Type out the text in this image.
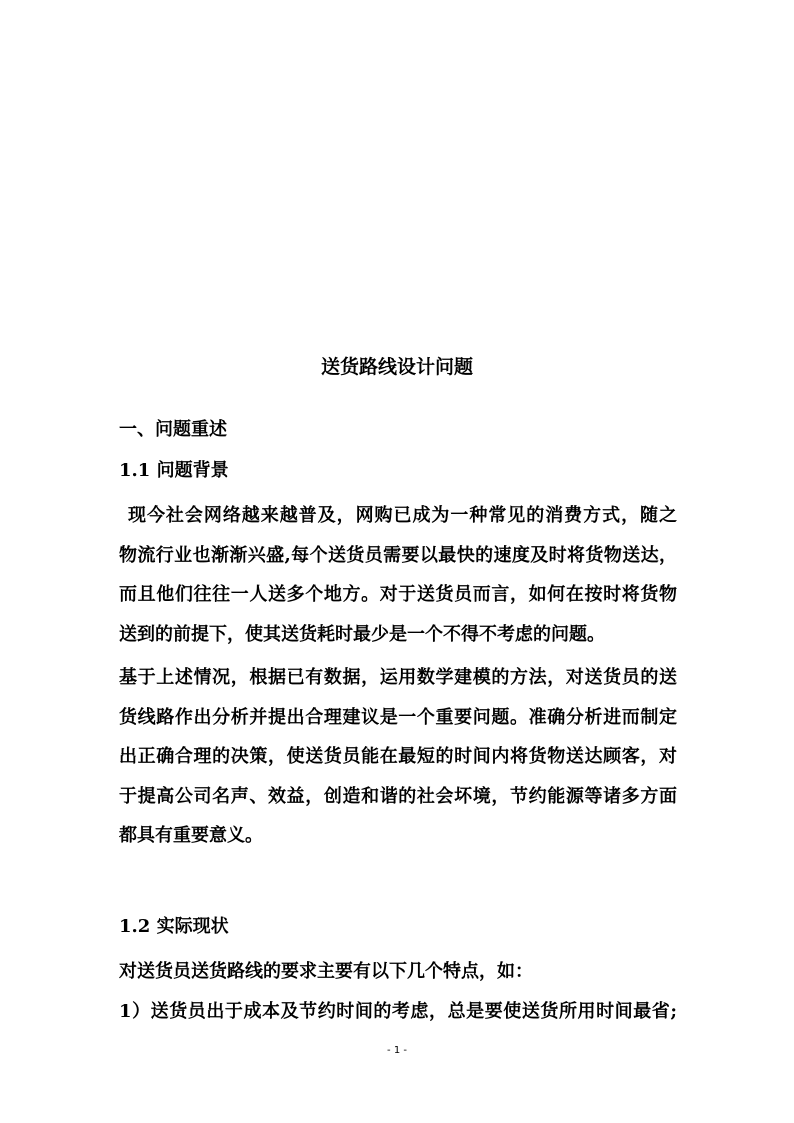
送货路线设计问题
一、问题重述
1.1 问题背景

现今社会网络越来越普及，网购已成为一种常见的消费方式，随之
物流行业也渐渐兴盛,每个送货员需要以最快的速度及时将货物送达，
而且他们往往一人送多个地方。对于送货员而言，如何在按时将货物
送到的前提下，使其送货耗时最少是一个不得不考虑的问题。

基于上述情况，根据已有数据，运用数学建模的方法，对送货员的送
货线路作出分析并提出合理建议是一个重要问题。准确分析进而制定
出正确合理的决策，使送货员能在最短的时间内将货物送达顾客，对
于提高公司名声、效益，创造和谐的社会坏境，节约能源等诸多方面
都具有重要意义。

1.2 实际现状

对送货员送货路线的要求主要有以下几个特点，如：
1）送货员出于成本及节约时间的考虑，总是要使送货所用时间最省;

- 1 -
